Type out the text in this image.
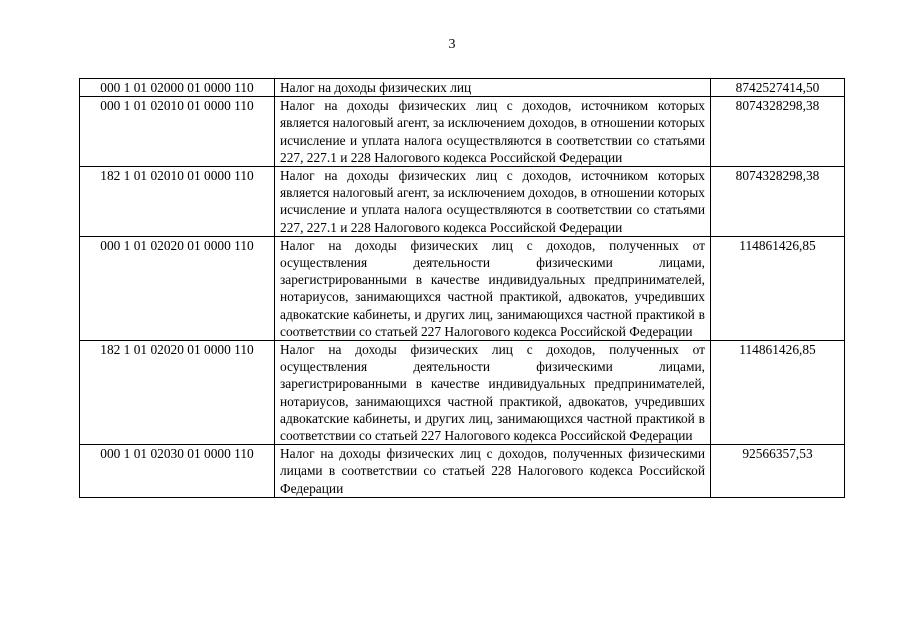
3
000 1 01 02000 01 0000 110	Налог на доходы физических лиц	8742527414,50
000 1 01 02010 01 0000 110	Налог на доходы физических лиц с доходов, источником которых является налоговый агент, за исключением доходов, в отношении которых исчисление и уплата налога осуществляются в соответствии со статьями 227, 227.1 и 228 Налогового кодекса Российской Федерации	8074328298,38
182 1 01 02010 01 0000 110	Налог на доходы физических лиц с доходов, источником которых является налоговый агент, за исключением доходов, в отношении которых исчисление и уплата налога осуществляются в соответствии со статьями 227, 227.1 и 228 Налогового кодекса Российской Федерации	8074328298,38
000 1 01 02020 01 0000 110	Налог на доходы физических лиц с доходов, полученных от осуществления деятельности физическими лицами, зарегистрированными в качестве индивидуальных предпринимателей, нотариусов, занимающихся частной практикой, адвокатов, учредивших адвокатские кабинеты, и других лиц, занимающихся частной практикой в соответствии со статьей 227 Налогового кодекса Российской Федерации	114861426,85
182 1 01 02020 01 0000 110	Налог на доходы физических лиц с доходов, полученных от осуществления деятельности физическими лицами, зарегистрированными в качестве индивидуальных предпринимателей, нотариусов, занимающихся частной практикой, адвокатов, учредивших адвокатские кабинеты, и других лиц, занимающихся частной практикой в соответствии со статьей 227 Налогового кодекса Российской Федерации	114861426,85
000 1 01 02030 01 0000 110	Налог на доходы физических лиц с доходов, полученных физическими лицами в соответствии со статьей 228 Налогового кодекса Российской Федерации	92566357,53
